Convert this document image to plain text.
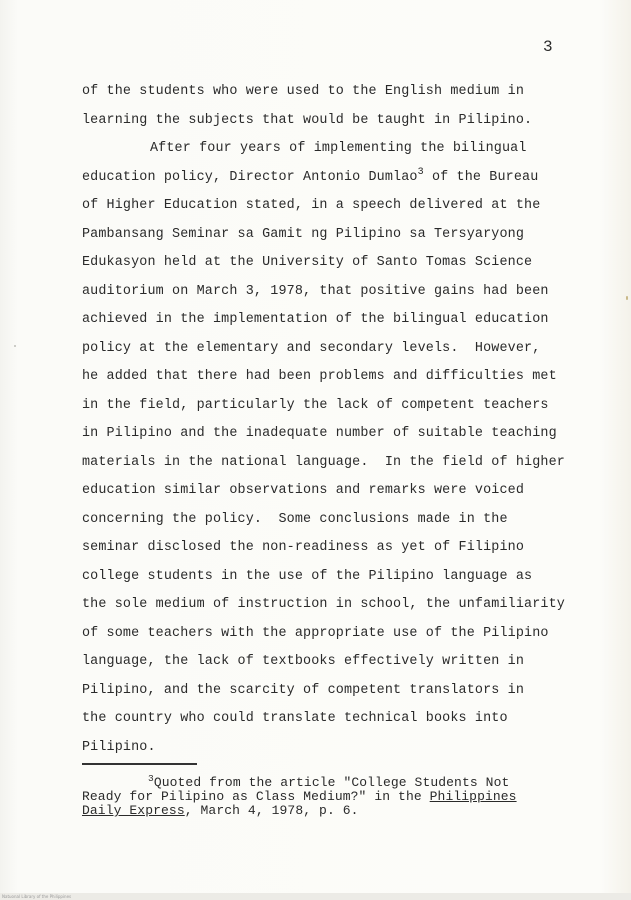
3
of the students who were used to the English medium in
learning the subjects that would be taught in Pilipino.
After four years of implementing the bilingual
education policy, Director Antonio Dumlao$^3$ of the Bureau
of Higher Education stated, in a speech delivered at the
Pambansang Seminar sa Gamit ng Pilipino sa Tersyaryong
Edukasyon held at the University of Santo Tomas Science
auditorium on March 3, 1978, that positive gains had been
achieved in the implementation of the bilingual education
policy at the elementary and secondary levels.  However,
he added that there had been problems and difficulties met
in the field, particularly the lack of competent teachers
in Pilipino and the inadequate number of suitable teaching
materials in the national language.  In the field of higher
education similar observations and remarks were voiced
concerning the policy.  Some conclusions made in the
seminar disclosed the non-readiness as yet of Filipino
college students in the use of the Pilipino language as
the sole medium of instruction in school, the unfamiliarity
of some teachers with the appropriate use of the Pilipino
language, the lack of textbooks effectively written in
Pilipino, and the scarcity of competent translators in
the country who could translate technical books into
Pilipino.
$^3$Quoted from the article "College Students Not
Ready for Pilipino as Class Medium?" in the Philippines
Daily Express, March 4, 1978, p. 6.
Natuonal Library of the Philippines
